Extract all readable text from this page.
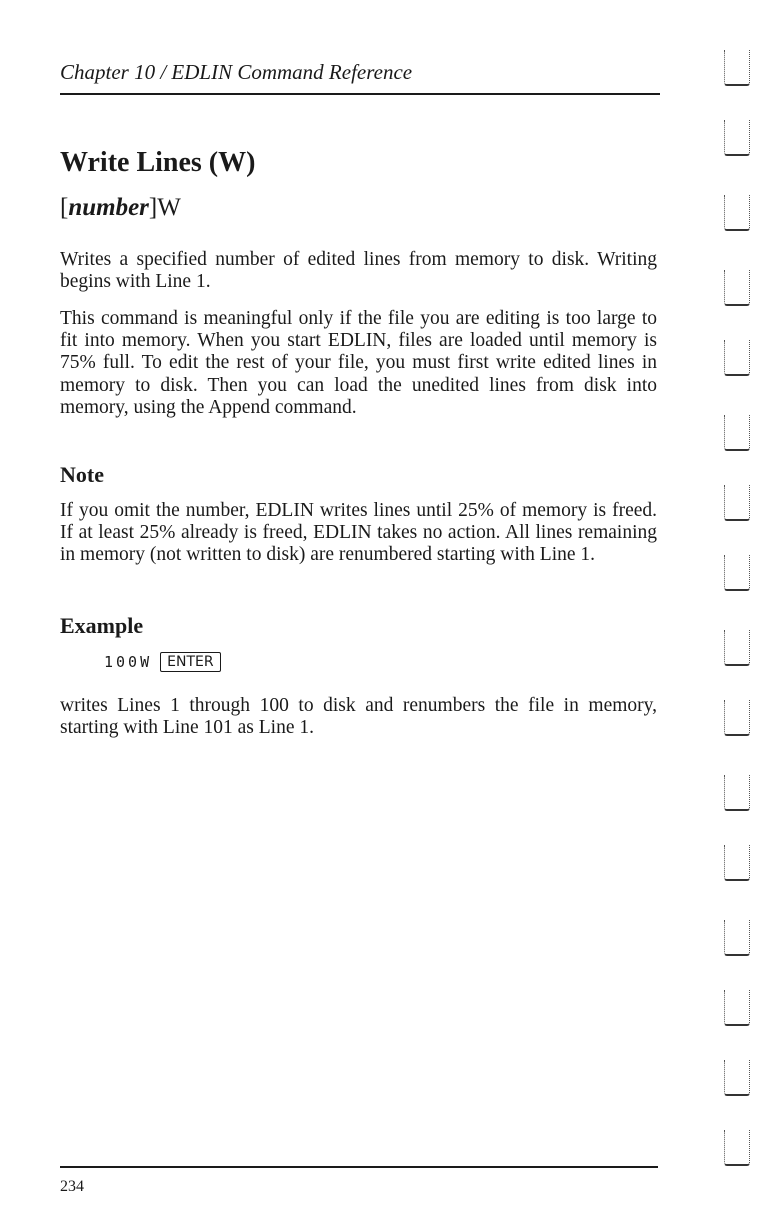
Chapter 10 / EDLIN Command Reference
Write Lines (W)
[number]W

Writes a specified number of edited lines from memory to disk. Writing begins with Line 1.

This command is meaningful only if the file you are editing is too large to fit into memory. When you start EDLIN, files are loaded until memory is 75% full. To edit the rest of your file, you must first write edited lines in memory to disk. Then you can load the unedited lines from disk into memory, using the Append command.

Note

If you omit the number, EDLIN writes lines until 25% of memory is freed. If at least 25% already is freed, EDLIN takes no action. All lines remaining in memory (not written to disk) are renumbered starting with Line 1.

Example
100W	ENTER

writes Lines 1 through 100 to disk and renumbers the file in memory, starting with Line 101 as Line 1.

234
